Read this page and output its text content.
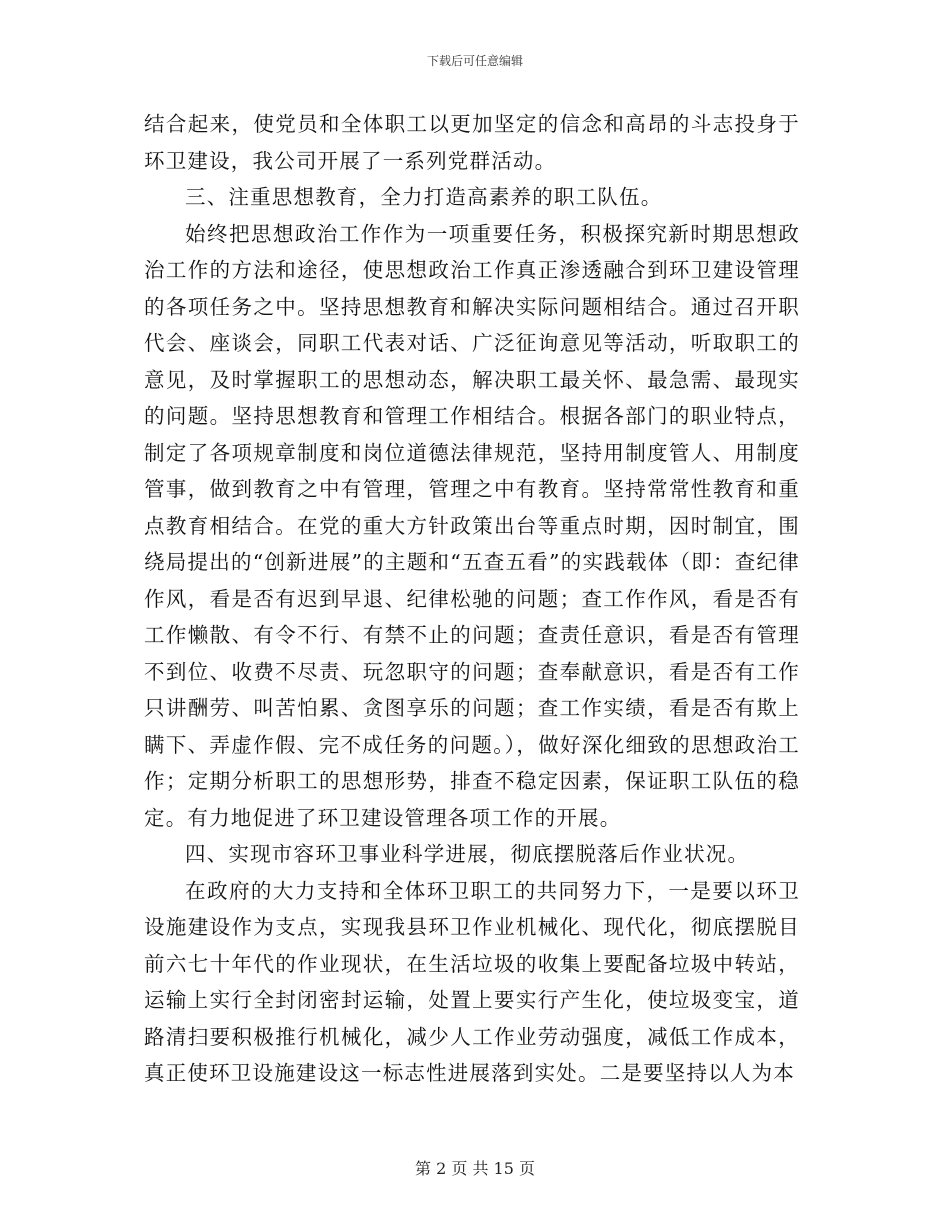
下载后可任意编辑

结合起来，使党员和全体职工以更加坚定的信念和高昂的斗志投身于环卫建设，我公司开展了一系列党群活动。

三、注重思想教育，全力打造高素养的职工队伍。

始终把思想政治工作作为一项重要任务，积极探究新时期思想政治工作的方法和途径，使思想政治工作真正渗透融合到环卫建设管理的各项任务之中。坚持思想教育和解决实际问题相结合。通过召开职代会、座谈会，同职工代表对话、广泛征询意见等活动，听取职工的意见，及时掌握职工的思想动态，解决职工最关怀、最急需、最现实的问题。坚持思想教育和管理工作相结合。根据各部门的职业特点，制定了各项规章制度和岗位道德法律规范，坚持用制度管人、用制度管事，做到教育之中有管理，管理之中有教育。坚持常常性教育和重点教育相结合。在党的重大方针政策出台等重点时期，因时制宜，围绕局提出的“创新进展”的主题和“五查五看”的实践载体（即：查纪律作风，看是否有迟到早退、纪律松驰的问题；查工作作风，看是否有工作懒散、有令不行、有禁不止的问题；查责任意识，看是否有管理不到位、收费不尽责、玩忽职守的问题；查奉献意识，看是否有工作只讲酬劳、叫苦怕累、贪图享乐的问题；查工作实绩，看是否有欺上瞒下、弄虚作假、完不成任务的问题。），做好深化细致的思想政治工作；定期分析职工的思想形势，排查不稳定因素，保证职工队伍的稳定。有力地促进了环卫建设管理各项工作的开展。

四、实现市容环卫事业科学进展，彻底摆脱落后作业状况。

在政府的大力支持和全体环卫职工的共同努力下，一是要以环卫设施建设作为支点，实现我县环卫作业机械化、现代化，彻底摆脱目前六七十年代的作业现状，在生活垃圾的收集上要配备垃圾中转站，运输上实行全封闭密封运输，处置上要实行产生化，使垃圾变宝，道路清扫要积极推行机械化，减少人工作业劳动强度，减低工作成本，真正使环卫设施建设这一标志性进展落到实处。二是要坚持以人为本

第 2 页 共 15 页
